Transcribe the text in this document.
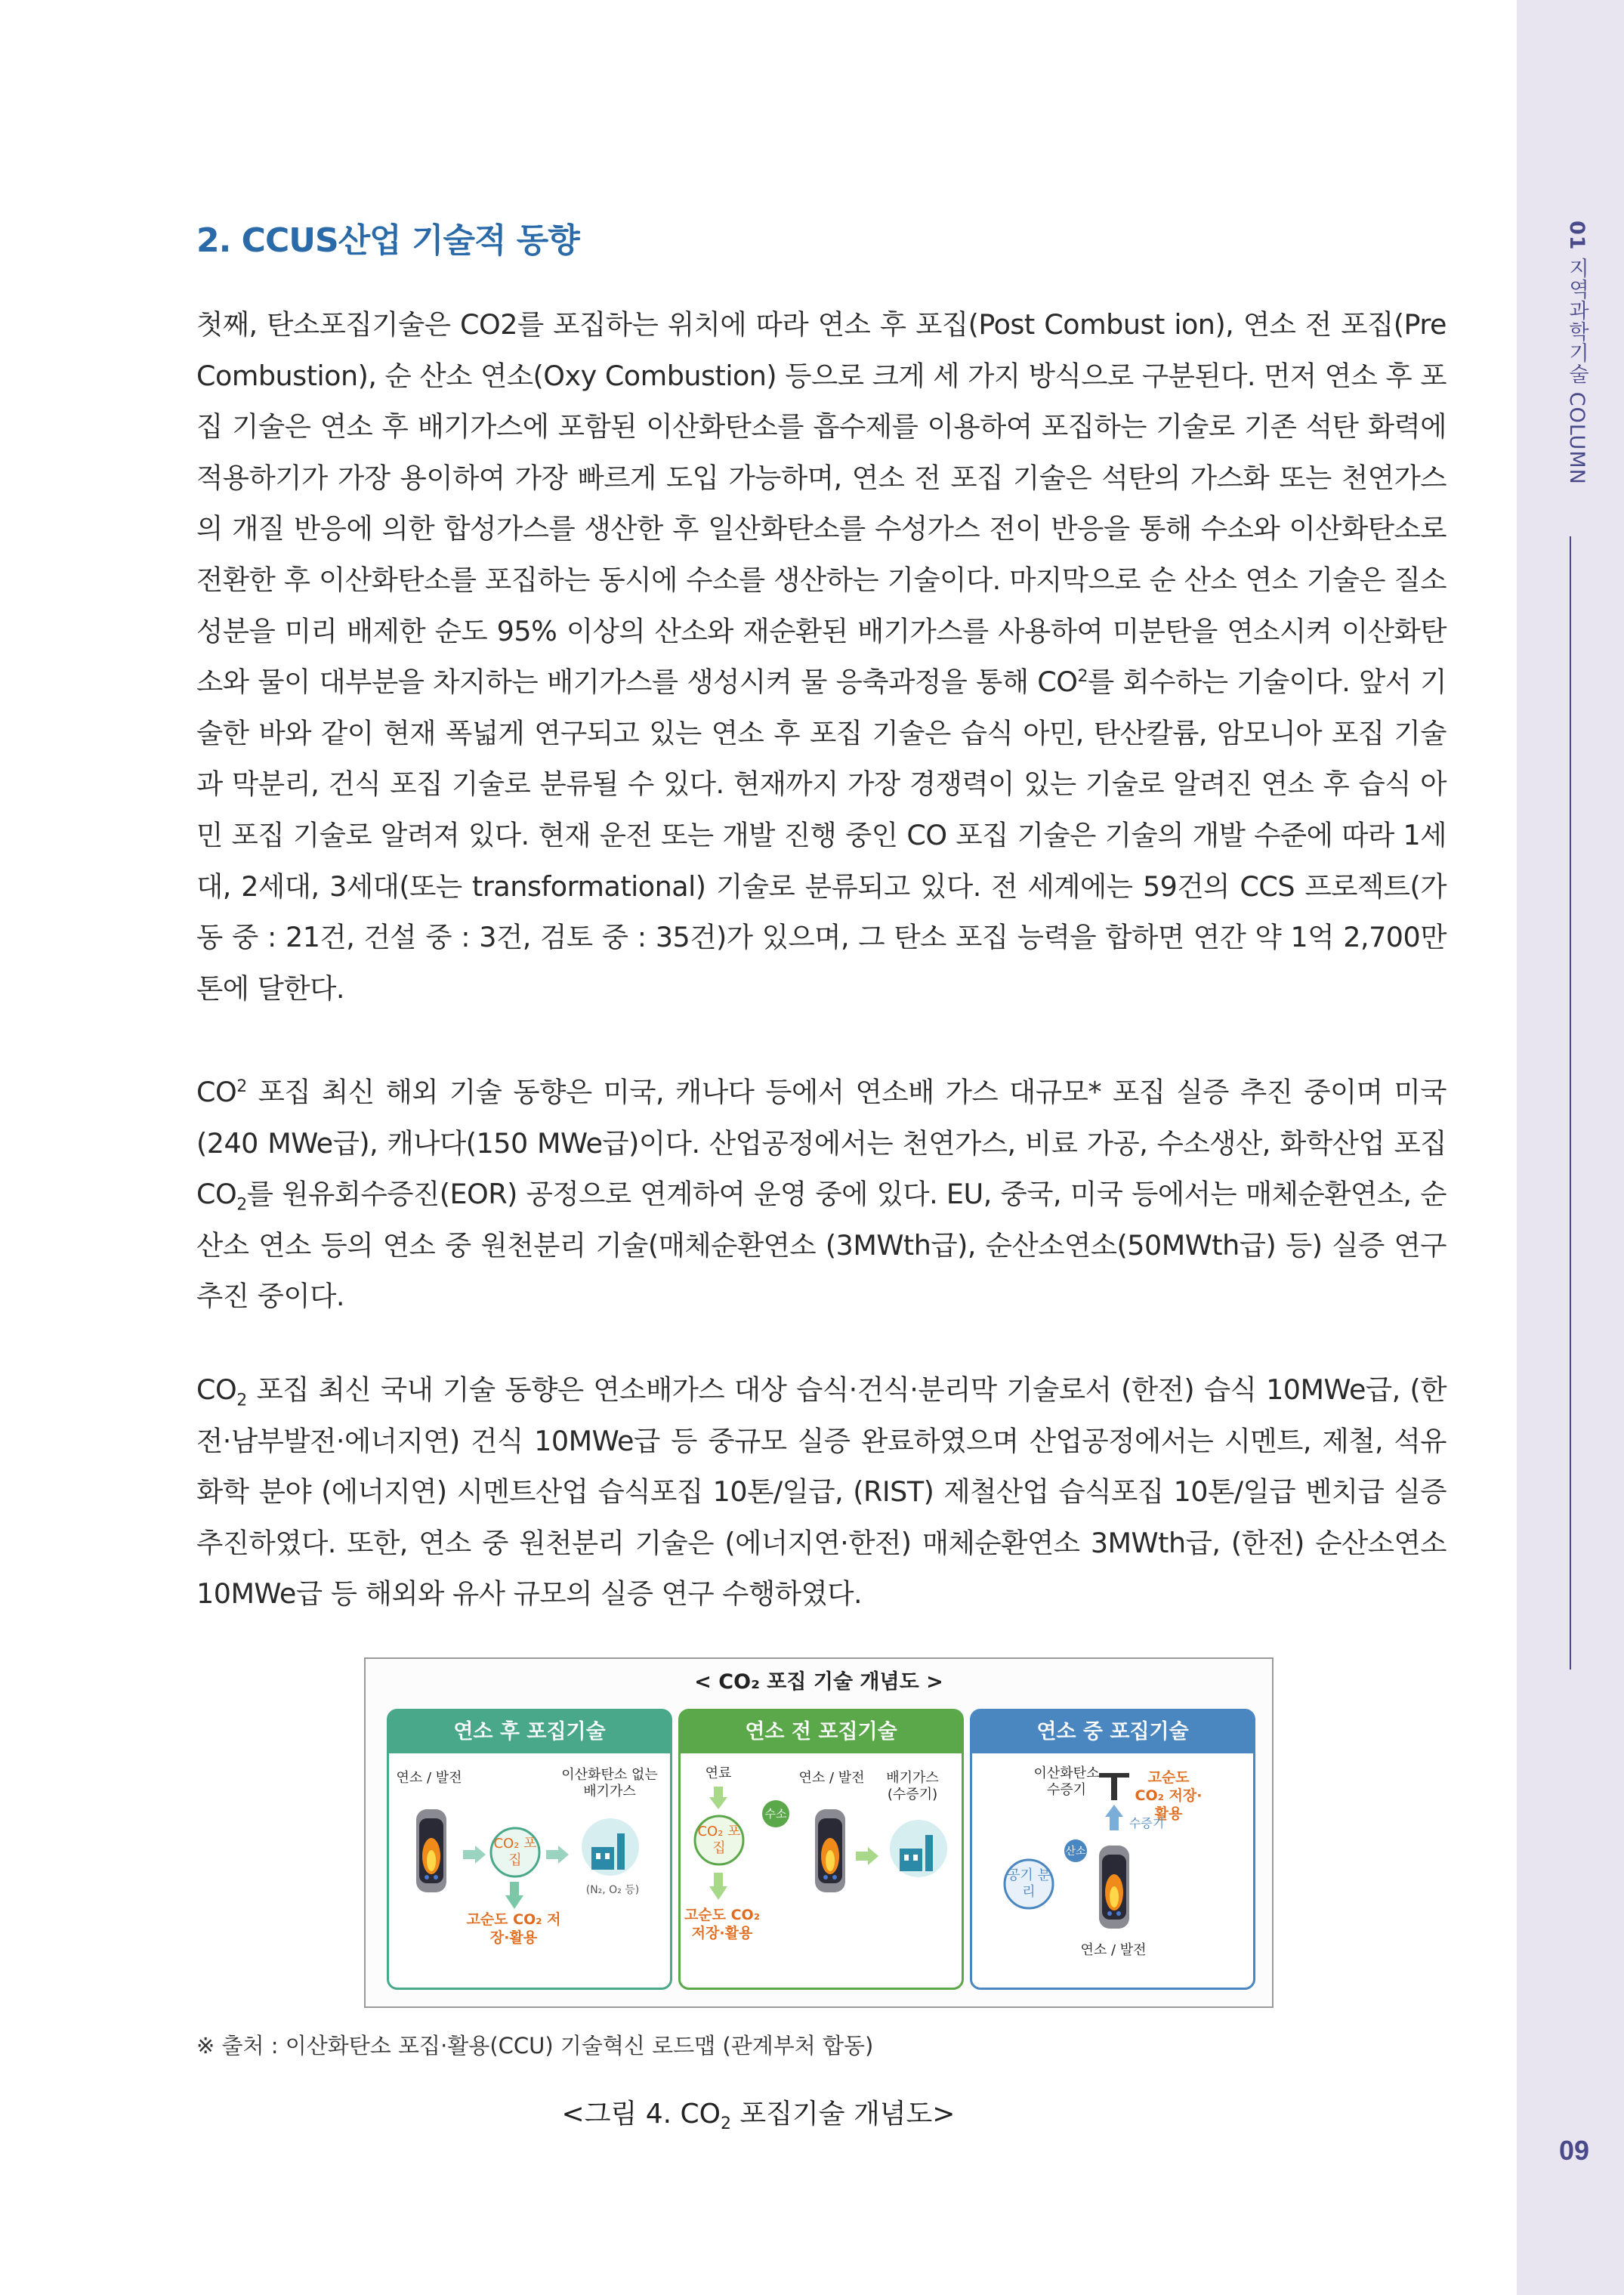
01 지역과학기술 COLUMN
09
2. CCUS산업 기술적 동향

첫째, 탄소포집기술은 CO2를 포집하는 위치에 따라 연소 후 포집(Post Combust ion), 연소 전 포집(Pre Combustion), 순 산소 연소(Oxy Combustion) 등으로 크게 세 가지 방식으로 구분된다. 먼저 연소 후 포집 기술은 연소 후 배기가스에 포함된 이산화탄소를 흡수제를 이용하여 포집하는 기술로 기존 석탄 화력에 적용하기가 가장 용이하여 가장 빠르게 도입 가능하며, 연소 전 포집 기술은 석탄의 가스화 또는 천연가스의 개질 반응에 의한 합성가스를 생산한 후 일산화탄소를 수성가스 전이 반응을 통해 수소와 이산화탄소로 전환한 후 이산화탄소를 포집하는 동시에 수소를 생산하는 기술이다. 마지막으로 순 산소 연소 기술은 질소 성분을 미리 배제한 순도 95% 이상의 산소와 재순환된 배기가스를 사용하여 미분탄을 연소시켜 이산화탄소와 물이 대부분을 차지하는 배기가스를 생성시켜 물 응축과정을 통해 $CO^2$를 회수하는 기술이다. 앞서 기술한 바와 같이 현재 폭넓게 연구되고 있는 연소 후 포집 기술은 습식 아민, 탄산칼륨, 암모니아 포집 기술과 막분리, 건식 포집 기술로 분류될 수 있다. 현재까지 가장 경쟁력이 있는 기술로 알려진 연소 후 습식 아민 포집 기술로 알려져 있다. 현재 운전 또는 개발 진행 중인 CO 포집 기술은 기술의 개발 수준에 따라 1세대, 2세대, 3세대(또는 transformational) 기술로 분류되고 있다. 전 세계에는 59건의 CCS 프로젝트(가동 중 : 21건, 건설 중 : 3건, 검토 중 : 35건)가 있으며, 그 탄소 포집 능력을 합하면 연간 약 1억 2,700만 톤에 달한다.

$CO^2$ 포집 최신 해외 기술 동향은 미국, 캐나다 등에서 연소배 가스 대규모* 포집 실증 추진 중이며 미국(240 MWe급), 캐나다(150 MWe급)이다. 산업공정에서는 천연가스, 비료 가공, 수소생산, 화학산업 포집 $CO_2$를 원유회수증진(EOR) 공정으로 연계하여 운영 중에 있다. EU, 중국, 미국 등에서는 매체순환연소, 순 산소 연소 등의 연소 중 원천분리 기술(매체순환연소 (3MWth급), 순산소연소(50MWth급) 등) 실증 연구 추진 중이다.

$CO_2$ 포집 최신 국내 기술 동향은 연소배가스 대상 습식·건식·분리막 기술로서 (한전) 습식 10MWe급, (한전·남부발전·에너지연) 건식 10MWe급 등 중규모 실증 완료하였으며 산업공정에서는 시멘트, 제철, 석유화학 분야 (에너지연) 시멘트산업 습식포집 10톤/일급, (RIST) 제철산업 습식포집 10톤/일급 벤치급 실증 추진하였다. 또한, 연소 중 원천분리 기술은 (에너지연·한전) 매체순환연소 3MWth급, (한전) 순산소연소 10MWe급 등 해외와 유사 규모의 실증 연구 수행하였다.

< CO₂ 포집 기술 개념도 >
연소 후 포집기술
연소 / 발전	이산화탄소 없는 배기가스
CO₂ 포집
(N₂, O₂ 등)
고순도 CO₂ 저장·활용
연소 전 포집기술
연료	연소 / 발전	배기가스 (수증기)
CO₂ 포집
수소
고순도 CO₂ 저장·활용
연소 중 포집기술
이산화탄소 수증기
고순도 CO₂ 저장·활용
수증기
산소
공기 분리
연소 / 발전

※ 출처 : 이산화탄소 포집·활용(CCU) 기술혁신 로드맵 (관계부처 합동)

<그림 4. $CO_2$ 포집기술 개념도>
